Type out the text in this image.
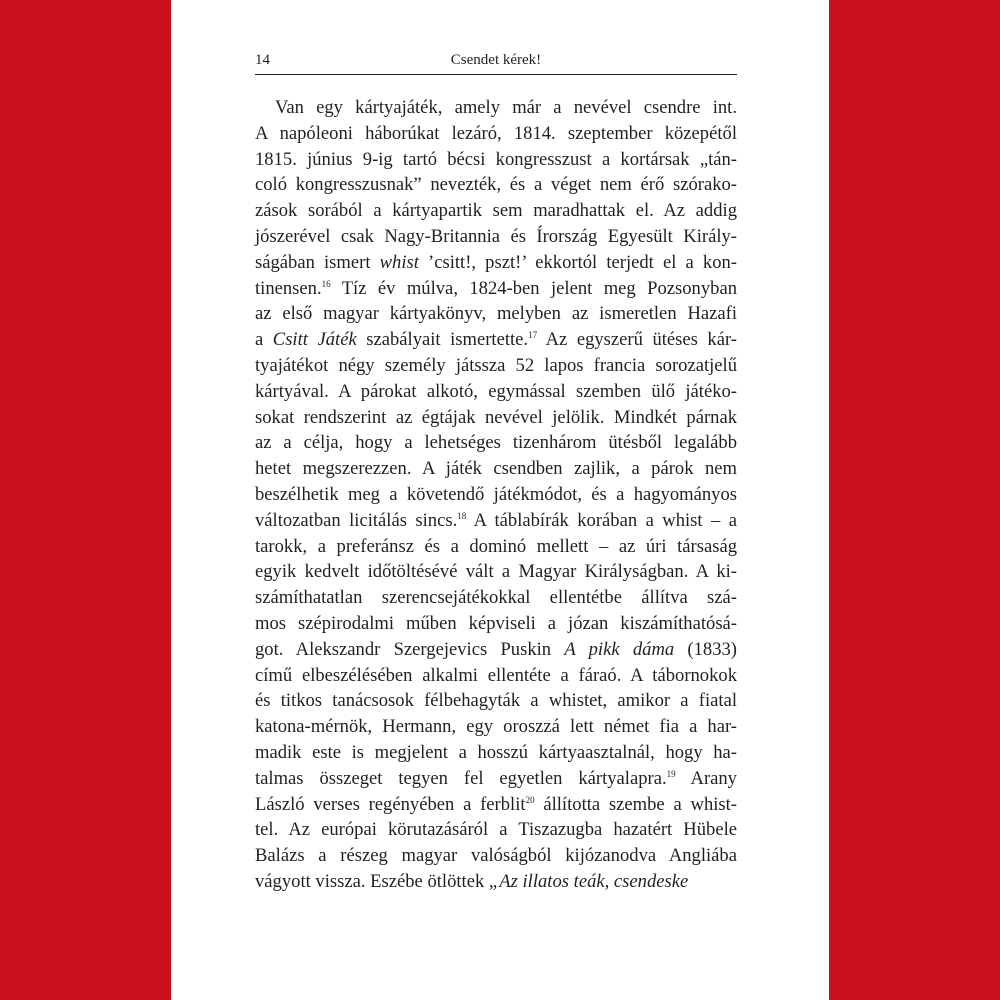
14	Csendet kérek!
Van egy kártyajáték, amely már a nevével csendre int.
A napóleoni háborúkat lezáró, 1814. szeptember közepétől
1815. június 9-ig tartó bécsi kongresszust a kortársak „tán-
coló kongresszusnak” nevezték, és a véget nem érő szórako-
zások sorából a kártyapartik sem maradhattak el. Az addig
jószerével csak Nagy-Britannia és Írország Egyesült Király-
ságában ismert whist ’csitt!, pszt!’ ekkortól terjedt el a kon-
tinensen.$^{16}$ Tíz év múlva, 1824-ben jelent meg Pozsonyban
az első magyar kártyakönyv, melyben az ismeretlen Hazafi
a Csitt Játék szabályait ismertette.$^{17}$ Az egyszerű ütéses kár-
tyajátékot négy személy játssza 52 lapos francia sorozatjelű
kártyával. A párokat alkotó, egymással szemben ülő játéko-
sokat rendszerint az égtájak nevével jelölik. Mindkét párnak
az a célja, hogy a lehetséges tizenhárom ütésből legalább
hetet megszerezzen. A játék csendben zajlik, a párok nem
beszélhetik meg a követendő játékmódot, és a hagyományos
változatban licitálás sincs.$^{18}$ A táblabírák korában a whist – a
tarokk, a preferánsz és a dominó mellett – az úri társaság
egyik kedvelt időtöltésévé vált a Magyar Királyságban. A ki-
számíthatatlan szerencsejátékokkal ellentétbe állítva szá-
mos szépirodalmi műben képviseli a józan kiszámíthatósá-
got. Alekszandr Szergejevics Puskin A pikk dáma (1833)
című elbeszélésében alkalmi ellentéte a fáraó. A tábornokok
és titkos tanácsosok félbehagyták a whistet, amikor a fiatal
katona-mérnök, Hermann, egy oroszzá lett német fia a har-
madik este is megjelent a hosszú kártyaasztalnál, hogy ha-
talmas összeget tegyen fel egyetlen kártyalapra.$^{19}$ Arany
László verses regényében a ferblit$^{20}$ állította szembe a whist-
tel. Az európai körutazásáról a Tiszazugba hazatért Hübele
Balázs a részeg magyar valóságból kijózanodva Angliába
vágyott vissza. Eszébe ötlöttek „Az illatos teák, csendeske
